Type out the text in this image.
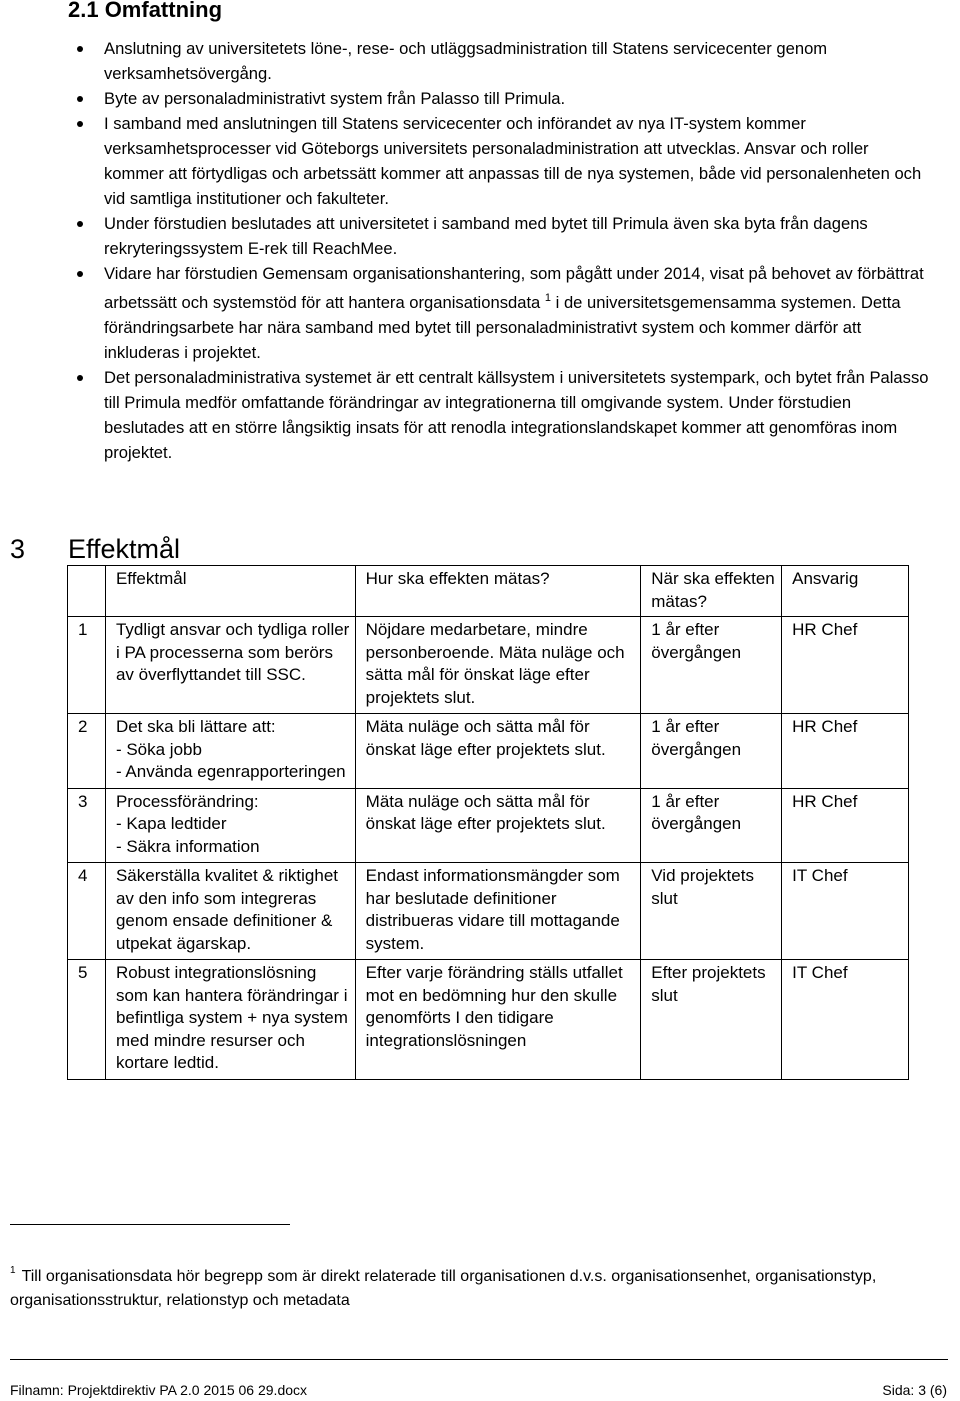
2.1 Omfattning
Anslutning av universitetets löne-, rese- och utläggsadministration till Statens servicecenter genom verksamhetsövergång.
Byte av personaladministrativt system från Palasso till Primula.
I samband med anslutningen till Statens servicecenter och införandet av nya IT-system kommer verksamhetsprocesser vid Göteborgs universitets personaladministration att utvecklas. Ansvar och roller kommer att förtydligas och arbetssätt kommer att anpassas till de nya systemen, både vid personalenheten och vid samtliga institutioner och fakulteter.
Under förstudien beslutades att universitetet i samband med bytet till Primula även ska byta från dagens rekryteringssystem E-rek till ReachMee.
Vidare har förstudien Gemensam organisationshantering, som pågått under 2014, visat på behovet av förbättrat arbetssätt och systemstöd för att hantera organisationsdata $^1$ i de universitetsgemensamma systemen. Detta förändringsarbete har nära samband med bytet till personaladministrativt system och kommer därför att inkluderas i projektet.
Det personaladministrativa systemet är ett centralt källsystem i universitetets systempark, och bytet från Palasso till Primula medför omfattande förändringar av integrationerna till omgivande system. Under förstudien beslutades att en större långsiktig insats för att renodla integrationslandskapet kommer att genomföras inom projektet.
3 Effektmål
	Effektmål	Hur ska effekten mätas?	När ska effekten mätas?	Ansvarig
1	Tydligt ansvar och tydliga roller i PA processerna som berörs av överflyttandet till SSC.	Nöjdare medarbetare, mindre personberoende. Mäta nuläge och sätta mål för önskat läge efter projektets slut.	1 år efter övergången	HR Chef
2	Det ska bli lättare att:
- Söka jobb
- Använda egenrapporteringen	Mäta nuläge och sätta mål för önskat läge efter projektets slut.	1 år efter övergången	HR Chef
3	Processförändring:
- Kapa ledtider
- Säkra information	Mäta nuläge och sätta mål för önskat läge efter projektets slut.	1 år efter övergången	HR Chef
4	Säkerställa kvalitet & riktighet av den info som integreras genom ensade definitioner & utpekat ägarskap.	Endast informationsmängder som har beslutade definitioner distribueras vidare till mottagande system.	Vid projektets slut	IT Chef
5	Robust integrationslösning som kan hantera förändringar i befintliga system + nya system med mindre resurser och kortare ledtid.	Efter varje förändring ställs utfallet mot en bedömning hur den skulle genomförts I den tidigare integrationslösningen	Efter projektets slut	IT Chef

$^1$ Till organisationsdata hör begrepp som är direkt relaterade till organisationen d.v.s. organisationsenhet, organisationstyp, organisationsstruktur, relationstyp och metadata

Filnamn: Projektdirektiv PA 2.0 2015 06 29.docx	Sida: 3 (6)
